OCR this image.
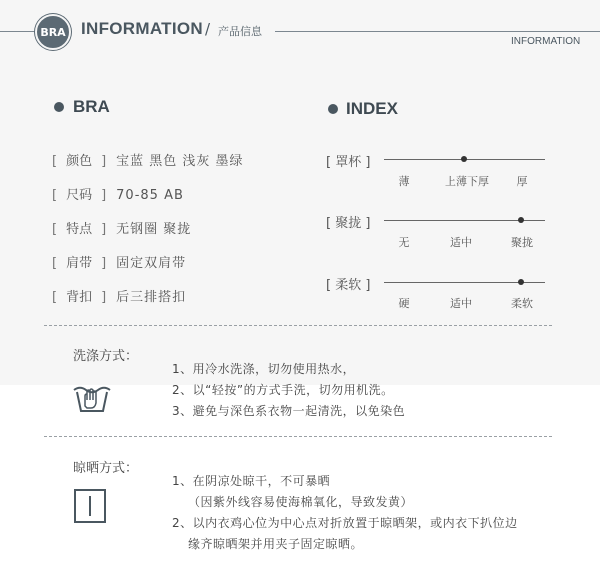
BRA INFORMATION / 产品信息
INFORMATION
BRA
[ 颜色 ] 宝蓝 黑色 浅灰 墨绿
[ 尺码 ] 70-85 AB
[ 特点 ] 无钢圈 聚拢
[ 肩带 ] 固定双肩带
[ 背扣 ] 后三排搭扣
INDEX
[ 罩杯 ]
薄	上薄下厚	厚
[ 聚拢 ]
无	适中	聚拢
[ 柔软 ]
硬	适中	柔软
洗涤方式：
1、用冷水洗涤，切勿使用热水，
2、以“轻按”的方式手洗，切勿用机洗。
3、避免与深色系衣物一起清洗，以免染色
晾晒方式：
1、在阴凉处晾干，不可暴晒
（因紫外线容易使海棉氧化，导致发黄）
2、以内衣鸡心位为中心点对折放置于晾晒架，或内衣下扒位边
缘齐晾晒架并用夹子固定晾晒。
